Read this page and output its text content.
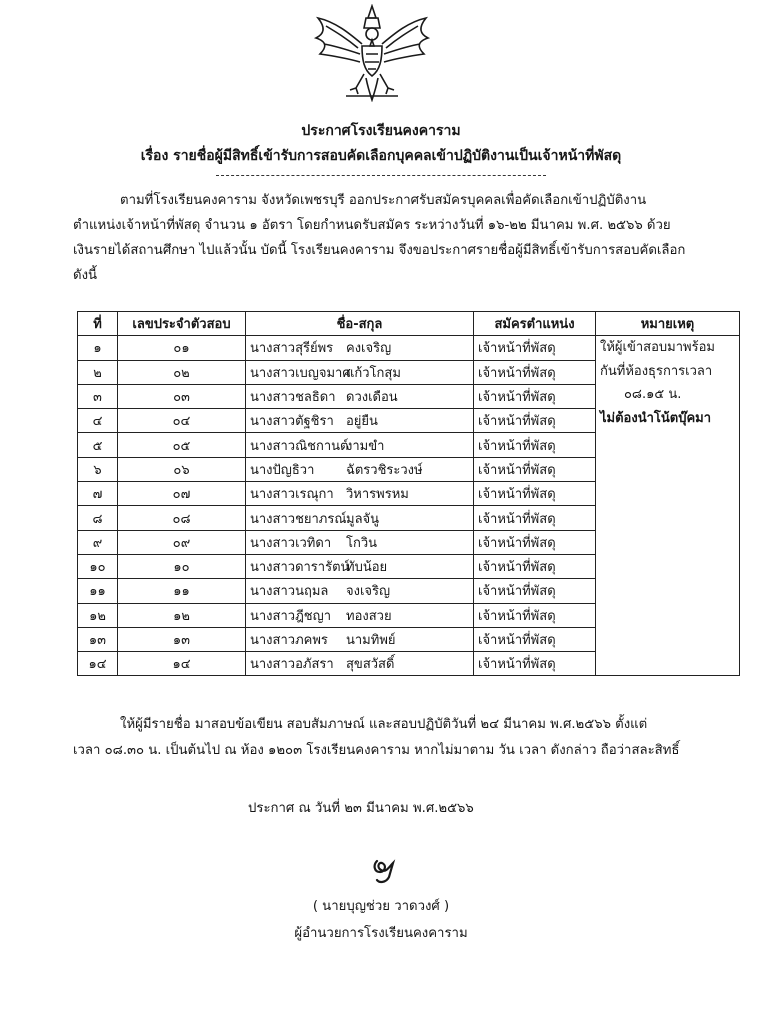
ประกาศโรงเรียนคงคาราม
เรื่อง รายชื่อผู้มีสิทธิ์เข้ารับการสอบคัดเลือกบุคคลเข้าปฏิบัติงานเป็นเจ้าหน้าที่พัสดุ
ตามที่โรงเรียนคงคาราม จังหวัดเพชรบุรี ออกประกาศรับสมัครบุคคลเพื่อคัดเลือกเข้าปฏิบัติงาน
ตำแหน่งเจ้าหน้าที่พัสดุ จำนวน ๑ อัตรา โดยกำหนดรับสมัคร ระหว่างวันที่ ๑๖-๒๒ มีนาคม พ.ศ. ๒๕๖๖ ด้วย
เงินรายได้สถานศึกษา ไปแล้วนั้น บัดนี้ โรงเรียนคงคาราม จึงขอประกาศรายชื่อผู้มีสิทธิ์เข้ารับการสอบคัดเลือก
ดังนี้
ที่	เลขประจำตัวสอบ	ชื่อ-สกุล	สมัครตำแหน่ง	หมายเหตุ
๑	๐๑	นางสาวสุรีย์พร คงเจริญ	เจ้าหน้าที่พัสดุ	ให้ผู้เข้าสอบมาพร้อม
กันที่ห้องธุรการเวลา
๐๘.๑๕ น.
ไม่ต้องนำโน้ตบุ๊คมา

๒	๐๒	นางสาวเบญจมาศแก้วโกสุม	เจ้าหน้าที่พัสดุ	
๓	๐๓	นางสาวชลธิดา ดวงเดือน	เจ้าหน้าที่พัสดุ	
๔	๐๔	นางสาวตัฐชิรา อยู่ยืน	เจ้าหน้าที่พัสดุ	
๕	๐๕	นางสาวณิชกานต์งามขำ	เจ้าหน้าที่พัสดุ	
๖	๐๖	นางปัญธิวา ฉัตรวชิระวงษ์	เจ้าหน้าที่พัสดุ	
๗	๐๗	นางสาวเรณุกา วิหารพรหม	เจ้าหน้าที่พัสดุ	
๘	๐๘	นางสาวชยาภรณ์มูลจันู	เจ้าหน้าที่พัสดุ	
๙	๐๙	นางสาวเวทิดา โกวิน	เจ้าหน้าที่พัสดุ	
๑๐	๑๐	นางสาวดารารัตน์ทับน้อย	เจ้าหน้าที่พัสดุ	
๑๑	๑๑	นางสาวนฤมล จงเจริญ	เจ้าหน้าที่พัสดุ	
๑๒	๑๒	นางสาวฎีชญา ทองสวย	เจ้าหน้าที่พัสดุ	
๑๓	๑๓	นางสาวภคพร นามทิพย์	เจ้าหน้าที่พัสดุ	
๑๔	๑๔	นางสาวอภัสรา สุขสวัสดิ์	เจ้าหน้าที่พัสดุ	
ให้ผู้มีรายชื่อ มาสอบข้อเขียน สอบสัมภาษณ์ และสอบปฏิบัติวันที่ ๒๔ มีนาคม พ.ศ.๒๕๖๖ ตั้งแต่
เวลา ๐๘.๓๐ น. เป็นต้นไป ณ ห้อง ๑๒๐๓ โรงเรียนคงคาราม หากไม่มาตาม วัน เวลา ดังกล่าว ถือว่าสละสิทธิ์
ประกาศ ณ วันที่ ๒๓ มีนาคม พ.ศ.๒๕๖๖
( นายบุญช่วย วาดวงศ์ )
ผู้อำนวยการโรงเรียนคงคาราม
